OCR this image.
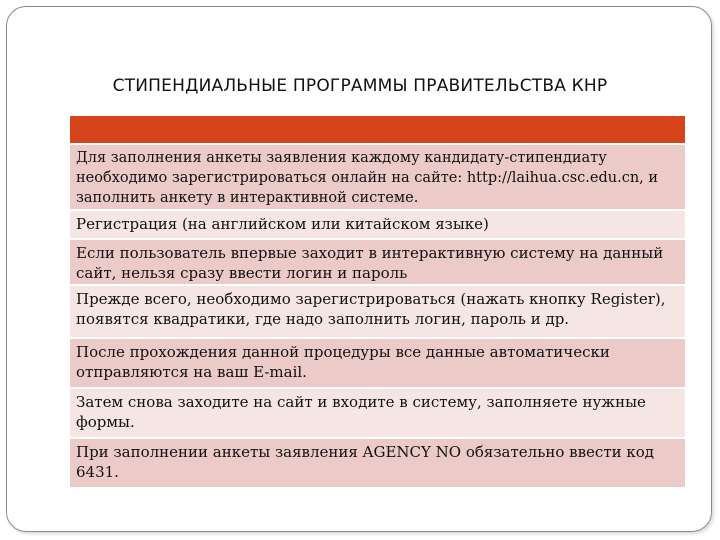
СТИПЕНДИАЛЬНЫЕ ПРОГРАММЫ ПРАВИТЕЛЬСТВА КНР
Для заполнения анкеты заявления каждому кандидату-стипендиату необходимо зарегистрироваться онлайн на сайте: http://laihua.csc.edu.cn, и заполнить анкету в интерактивной системе.
Регистрация (на английском или китайском языке)
Если пользователь впервые заходит в интерактивную систему на данный сайт, нельзя сразу ввести логин и пароль
Прежде всего, необходимо зарегистрироваться (нажать кнопку Register), появятся квадратики, где надо заполнить логин, пароль и др.
После прохождения данной процедуры все данные автоматически отправляются на ваш E-mail.
Затем снова заходите на сайт и входите в систему, заполняете нужные формы.
При заполнении анкеты заявления AGENCY NO обязательно ввести код 6431.
